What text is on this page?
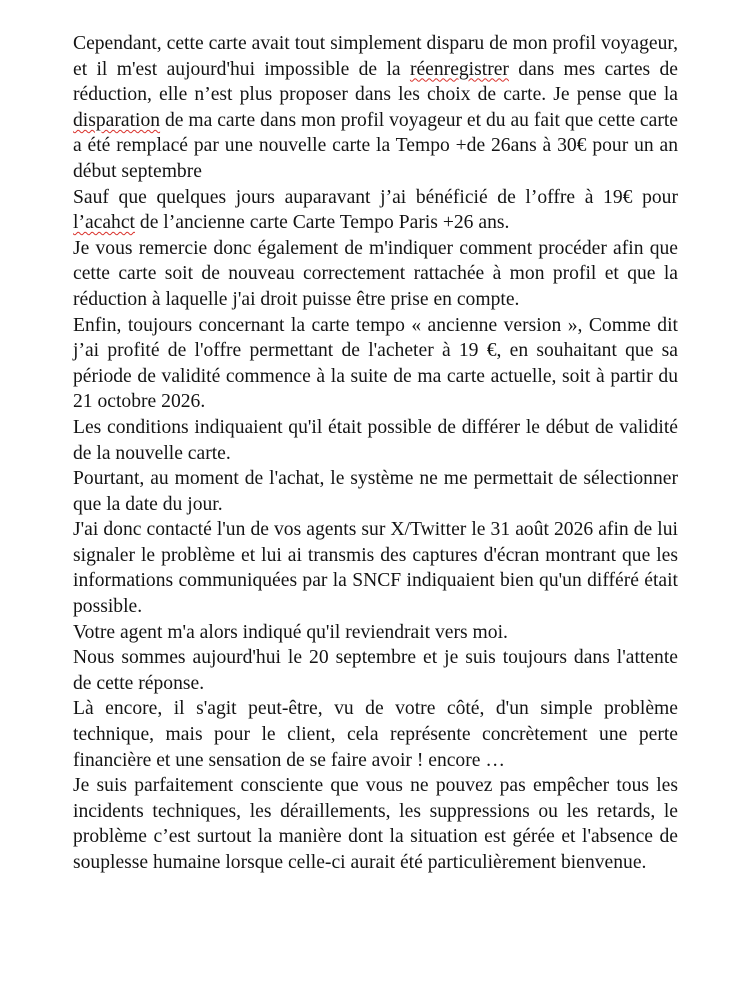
Cependant, cette carte avait tout simplement disparu de mon profil voyageur, et il m'est aujourd'hui impossible de la réenregistrer dans mes cartes de réduction, elle n’est plus proposer dans les choix de carte. Je pense que la disparation de ma carte dans mon profil voyageur et du au fait que cette carte a été remplacé par une nouvelle carte la Tempo +de 26ans à 30€ pour un an début septembre

Sauf que quelques jours auparavant j’ai bénéficié de l’offre à 19€ pour l’acahct de l’ancienne carte Carte Tempo Paris +26 ans.

Je vous remercie donc également de m'indiquer comment procéder afin que cette carte soit de nouveau correctement rattachée à mon profil et que la réduction à laquelle j'ai droit puisse être prise en compte.

Enfin, toujours concernant la carte tempo « ancienne version », Comme dit j’ai profité de l'offre permettant de l'acheter à 19 €, en souhaitant que sa période de validité commence à la suite de ma carte actuelle, soit à partir du 21 octobre 2026.

Les conditions indiquaient qu'il était possible de différer le début de validité de la nouvelle carte.

Pourtant, au moment de l'achat, le système ne me permettait de sélectionner que la date du jour.

J'ai donc contacté l'un de vos agents sur X/Twitter le 31 août 2026 afin de lui signaler le problème et lui ai transmis des captures d'écran montrant que les informations communiquées par la SNCF indiquaient bien qu'un différé était possible.

Votre agent m'a alors indiqué qu'il reviendrait vers moi.

Nous sommes aujourd'hui le 20 septembre et je suis toujours dans l'attente de cette réponse.

Là encore, il s'agit peut-être, vu de votre côté, d'un simple problème technique, mais pour le client, cela représente concrètement une perte financière et une sensation de se faire avoir ! encore …

Je suis parfaitement consciente que vous ne pouvez pas empêcher tous les incidents techniques, les déraillements, les suppressions ou les retards, le problème c’est surtout la manière dont la situation est gérée et l'absence de souplesse humaine lorsque celle-ci aurait été particulièrement bienvenue.
